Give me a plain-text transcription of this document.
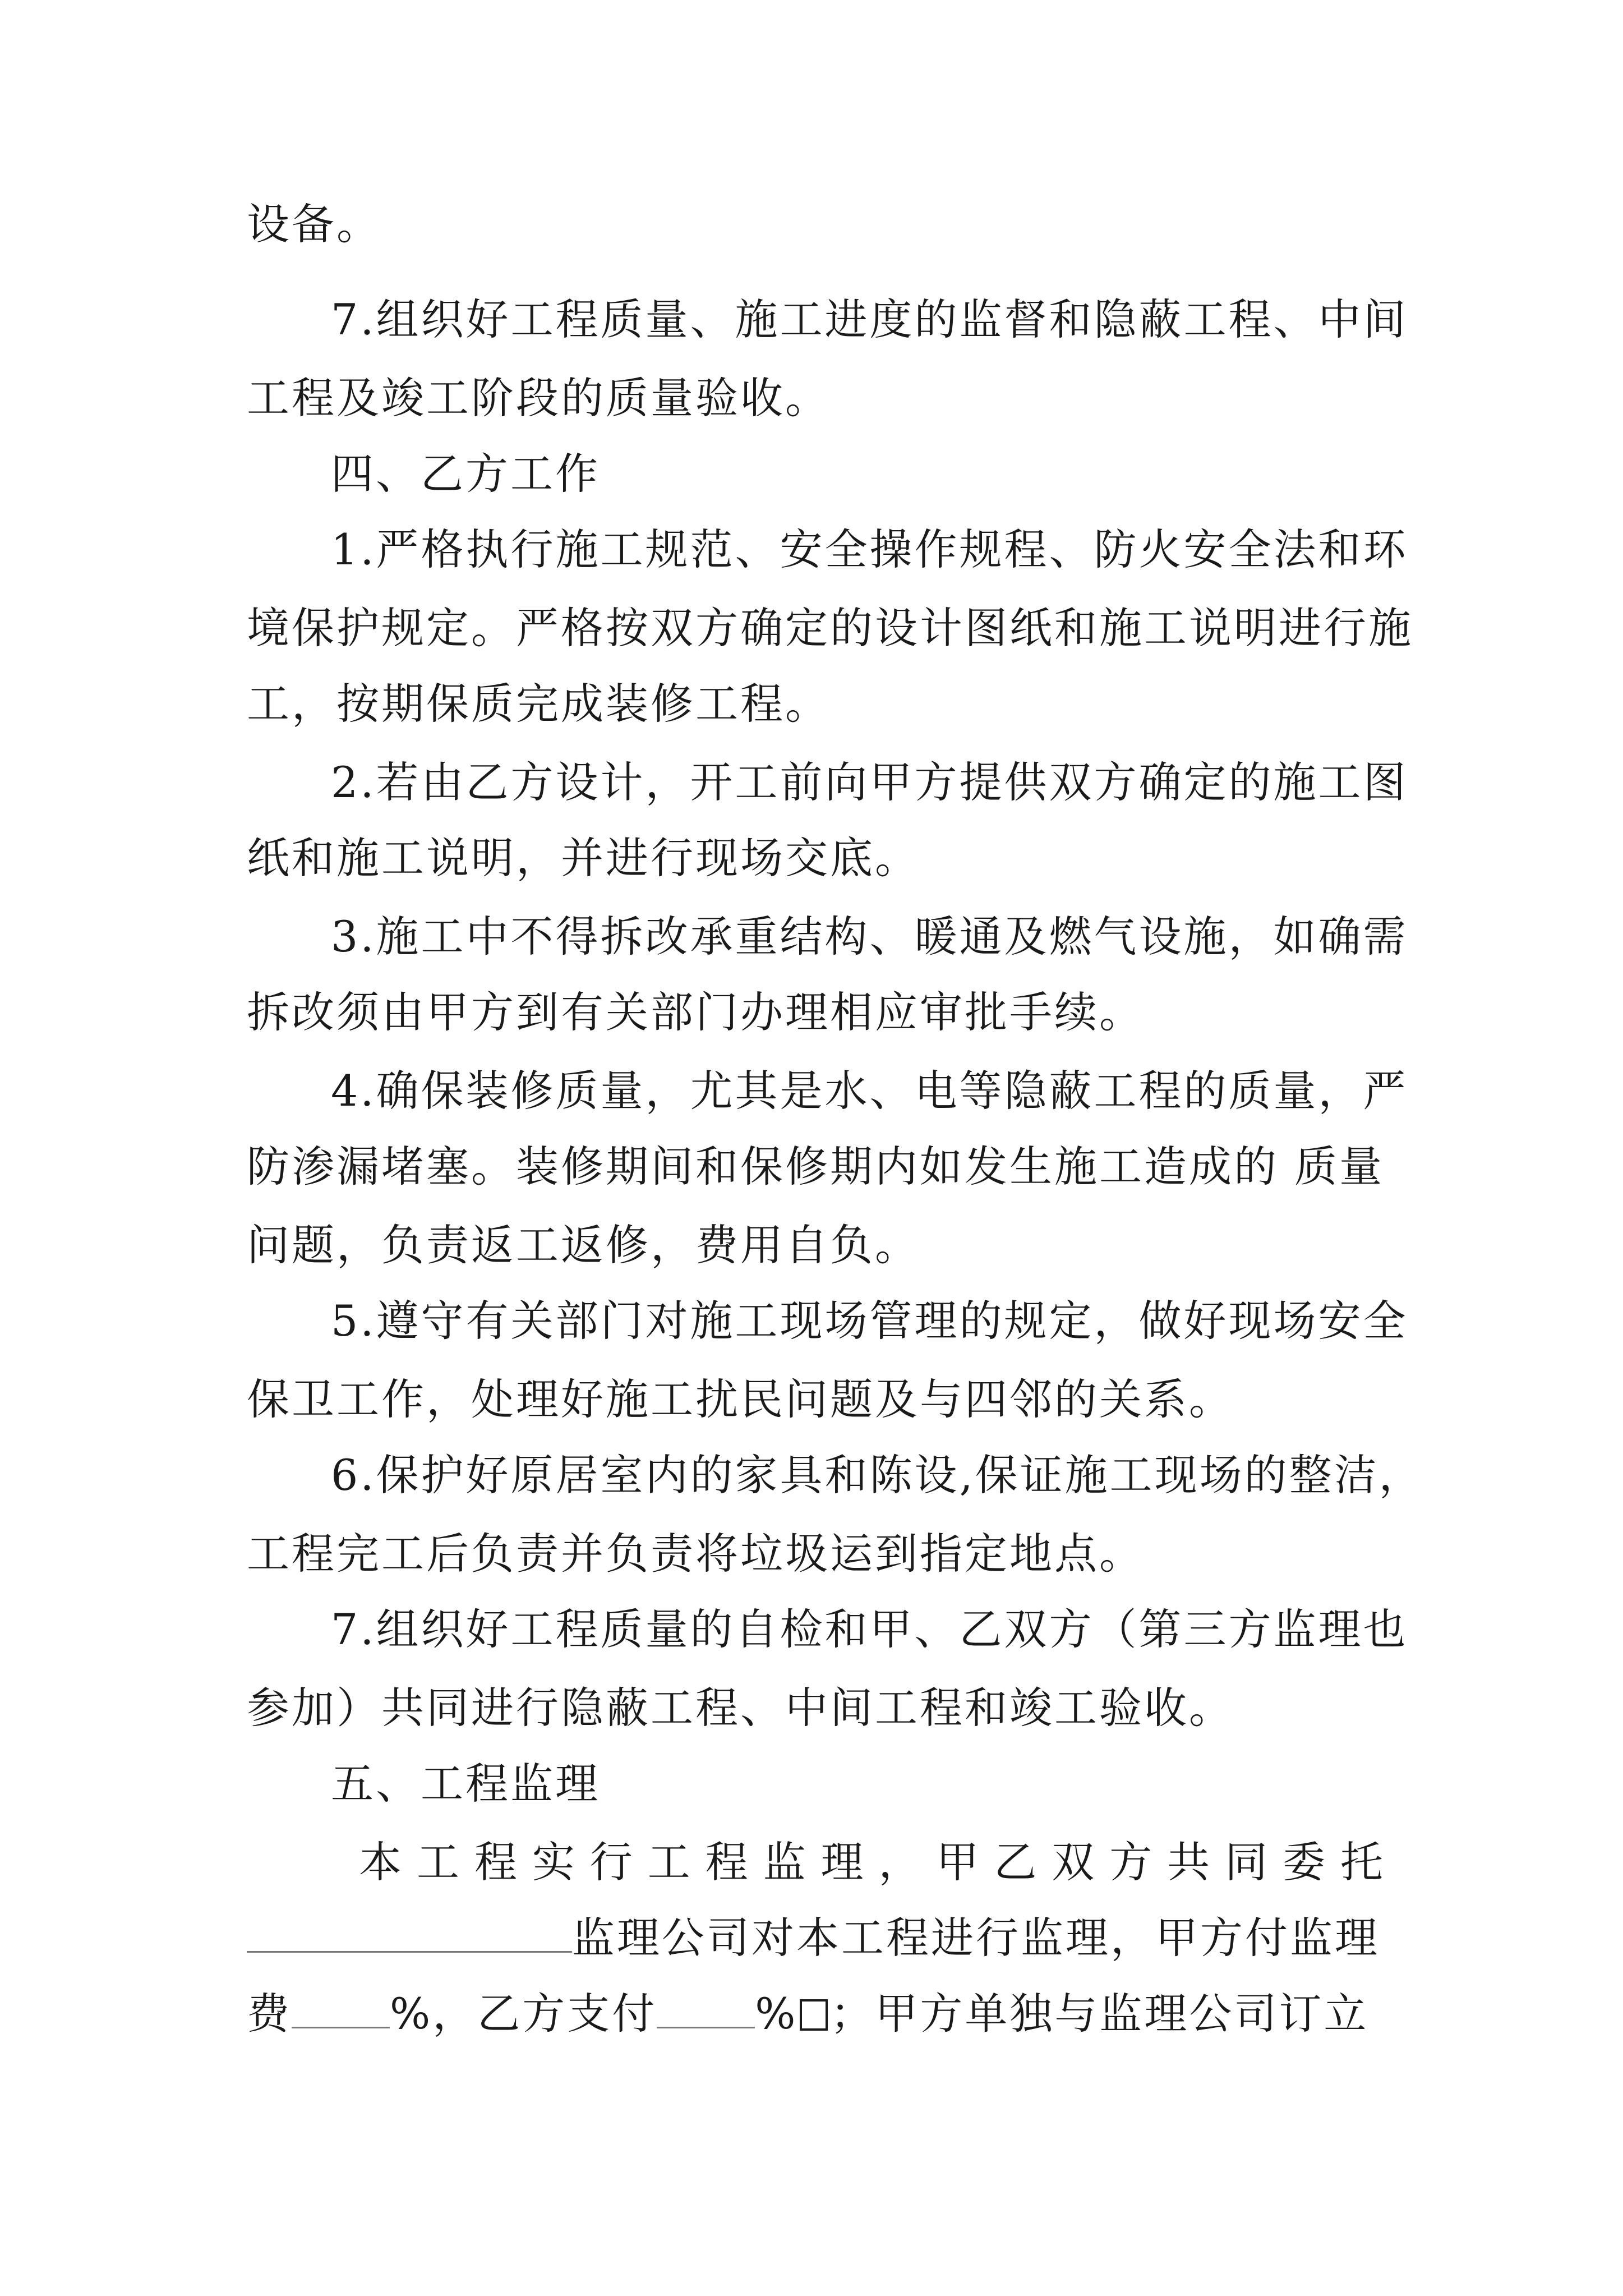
设备。
7.组织好工程质量、施工进度的监督和隐蔽工程、中间
工程及竣工阶段的质量验收。
四、乙方工作
1.严格执行施工规范、安全操作规程、防火安全法和环
境保护规定。严格按双方确定的设计图纸和施工说明进行施
工，按期保质完成装修工程。
2.若由乙方设计，开工前向甲方提供双方确定的施工图
纸和施工说明，并进行现场交底。
3.施工中不得拆改承重结构、暖通及燃气设施，如确需
拆改须由甲方到有关部门办理相应审批手续。
4.确保装修质量，尤其是水、电等隐蔽工程的质量，严
防渗漏堵塞。装修期间和保修期内如发生施工造成的 质量
问题，负责返工返修，费用自负。
5.遵守有关部门对施工现场管理的规定，做好现场安全
保卫工作，处理好施工扰民问题及与四邻的关系。
6.保护好原居室内的家具和陈设,保证施工现场的整洁，
工程完工后负责并负责将垃圾运到指定地点。
7.组织好工程质量的自检和甲、乙双方（第三方监理也
参加）共同进行隐蔽工程、中间工程和竣工验收。
五、工程监理
本 工 程 实 行 工 程 监 理 ， 甲 乙 双 方 共 同 委 托
监理公司对本工程进行监理，甲方付监理
费 %，乙方支付 % ；甲方单独与监理公司订立
